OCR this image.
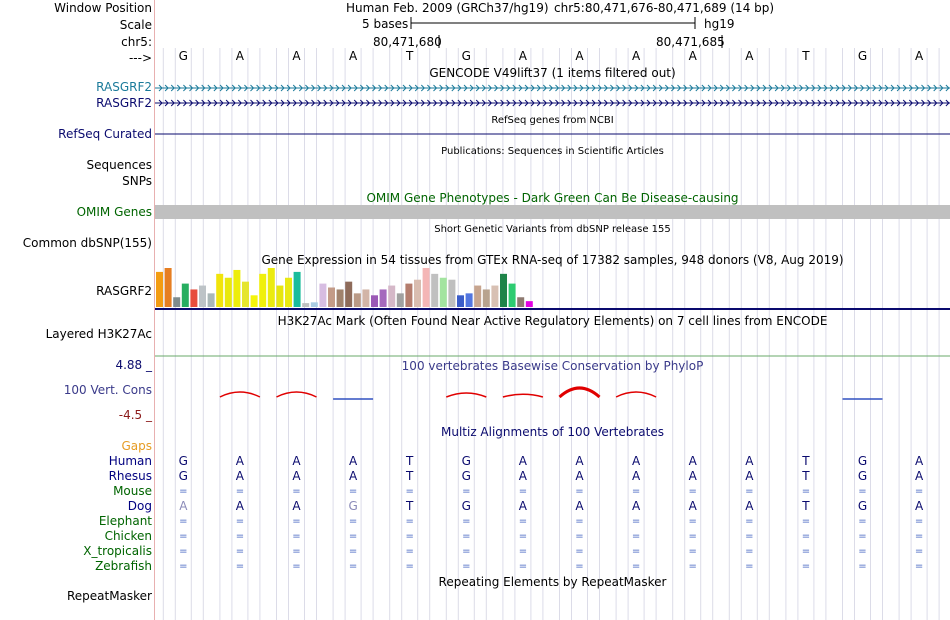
Window Position	Human Feb. 2009 (GRCh37/hg19) chr5:80,471,676-80,471,689 (14 bp)
Scale	5 bases	hg19
chr5:	80,471,680	80,471,685
--->	G	A	A	A	T	G	A	A	A	A	A	T	G	A
GENCODE V49lift37 (1 items filtered out)
RASGRF2
RASGRF2
RefSeq genes from NCBI
RefSeq Curated
Publications: Sequences in Scientific Articles
Sequences
SNPs
OMIM Gene Phenotypes - Dark Green Can Be Disease-causing
OMIM Genes
Short Genetic Variants from dbSNP release 155
Common dbSNP(155)
Gene Expression in 54 tissues from GTEx RNA-seq of 17382 samples, 948 donors (V8, Aug 2019)
RASGRF2
H3K27Ac Mark (Often Found Near Active Regulatory Elements) on 7 cell lines from ENCODE
Layered H3K27Ac
100 vertebrates Basewise Conservation by PhyloP
4.88 _
100 Vert. Cons
-4.5 _
Gaps
Multiz Alignments of 100 Vertebrates
Human	G	A	A	A	T	G	A	A	A	A	A	T	G	A
Rhesus	G	A	A	A	T	G	A	A	A	A	A	T	G	A
Mouse	=	=	=	=	=	=	=	=	=	=	=	=	=	=
Dog	A	A	A	G	T	G	A	A	A	A	A	T	G	A
Elephant	=	=	=	=	=	=	=	=	=	=	=	=	=	=
Chicken	=	=	=	=	=	=	=	=	=	=	=	=	=	=
X_tropicalis	=	=	=	=	=	=	=	=	=	=	=	=	=	=
Zebrafish	=	=	=	=	=	=	=	=	=	=	=	=	=	=
Repeating Elements by RepeatMasker
RepeatMasker
